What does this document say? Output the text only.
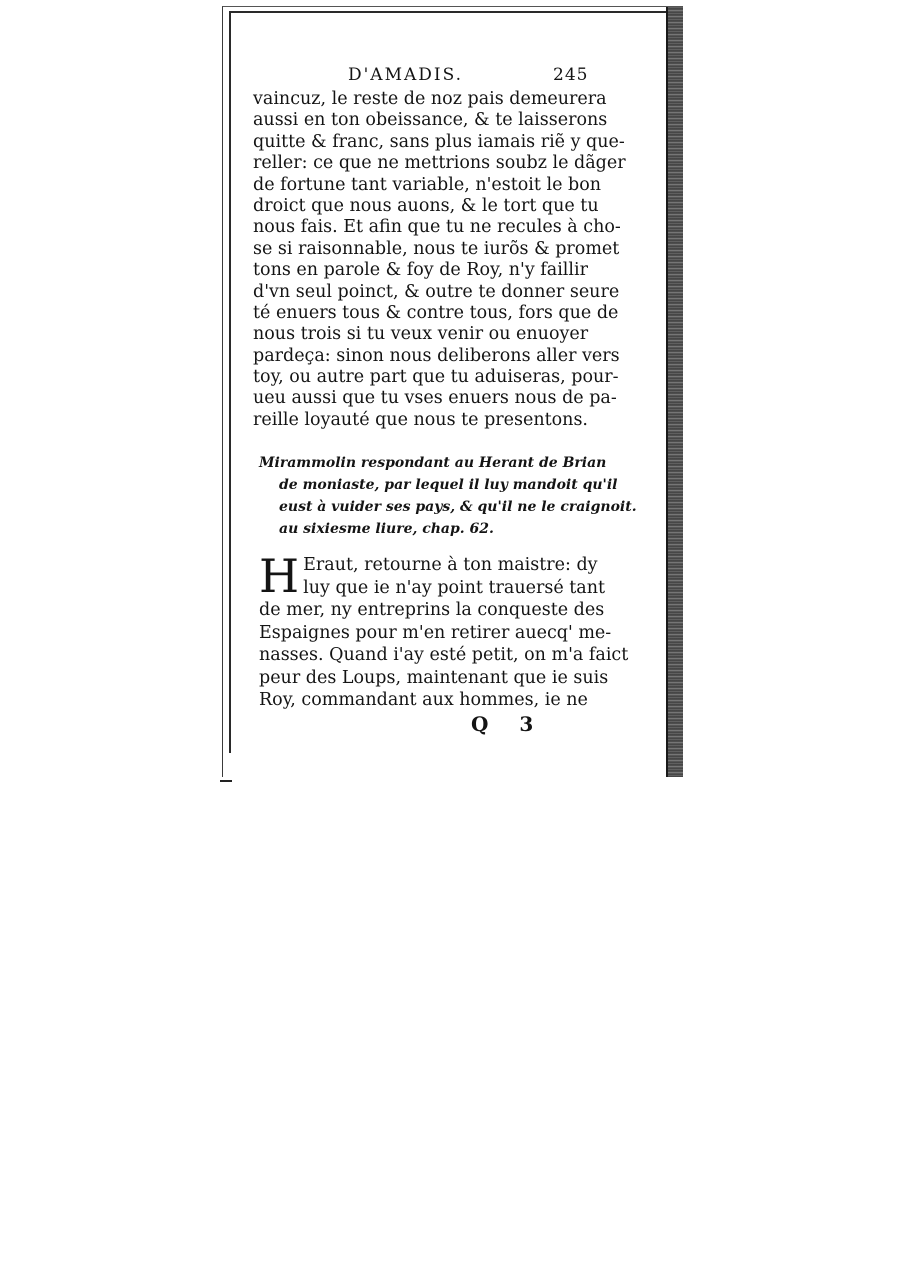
D'AMADIS.	245
vaincuz, le reste de noz pais demeurera
aussi en ton obeissance, & te laisserons
quitte & franc, sans plus iamais riẽ y que-
reller: ce que ne mettrions soubz le dãger
de fortune tant variable, n'estoit le bon
droict que nous auons, & le tort que tu
nous fais. Et afin que tu ne recules à cho-
se si raisonnable, nous te iurõs & promet
tons en parole & foy de Roy, n'y faillir
d'vn seul poinct, & outre te donner seure
té enuers tous & contre tous, fors que de
nous trois si tu veux venir ou enuoyer
pardeça: sinon nous deliberons aller vers
toy, ou autre part que tu aduiseras, pour-
ueu aussi que tu vses enuers nous de pa-
reille loyauté que nous te presentons.
Mirammolin respondant au Herant de Brian
de moniaste, par lequel il luy mandoit qu'il
eust à vuider ses pays, & qu'il ne le craignoit.
au sixiesme liure, chap. 62.
H Eraut, retourne à ton maistre: dy
luy que ie n'ay point trauersé tant
de mer, ny entreprins la conqueste des
Espaignes pour m'en retirer auecq' me-
nasses. Quand i'ay esté petit, on m'a faict
peur des Loups, maintenant que ie suis
Roy, commandant aux hommes, ie ne
Q 3
